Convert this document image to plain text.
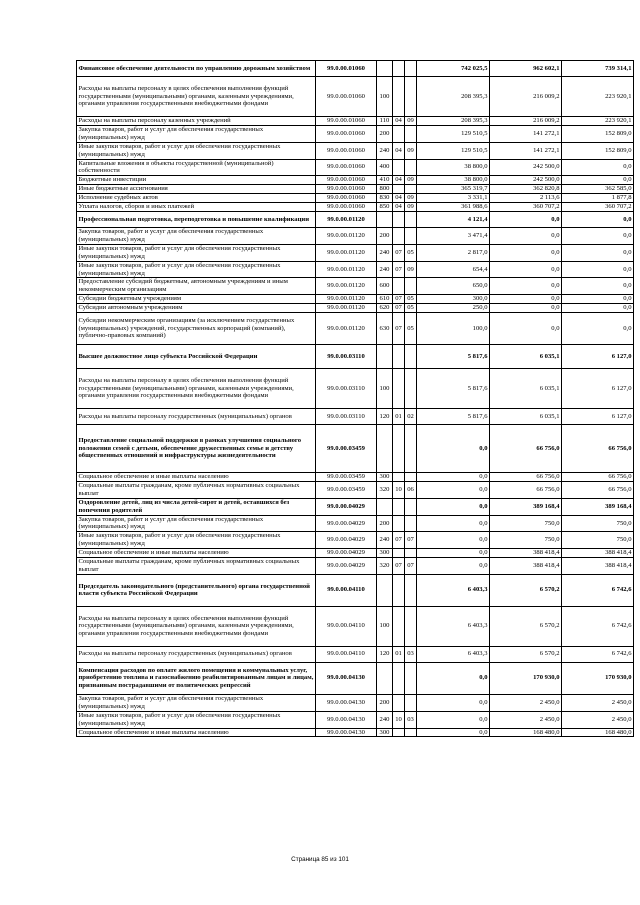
Финансовое обеспечение деятельности по управлению дорожным хозяйством	99.0.00.01060				742 025,5	962 602,1	739 314,1
Расходы на выплаты персоналу в целях обеспечения выполнения функций государственными (муниципальными) органами, казенными учреждениями, органами управления государственными внебюджетными фондами	99.0.00.01060	100			208 395,3	216 009,2	223 920,1
Расходы на выплаты персоналу казенных учреждений	99.0.00.01060	110	04	09	208 395,3	216 009,2	223 920,1
Закупка товаров, работ и услуг для обеспечения государственных (муниципальных) нужд	99.0.00.01060	200			129 510,5	141 272,1	152 809,0
Иные закупки товаров, работ и услуг для обеспечения государственных (муниципальных) нужд	99.0.00.01060	240	04	09	129 510,5	141 272,1	152 809,0
Капитальные вложения в объекты государственной (муниципальной) собственности	99.0.00.01060	400			38 800,0	242 500,0	0,0
Бюджетные инвестиции	99.0.00.01060	410	04	09	38 800,0	242 500,0	0,0
Иные бюджетные ассигнования	99.0.00.01060	800			365 319,7	362 820,8	362 585,0
Исполнение судебных актов	99.0.00.01060	830	04	09	3 331,1	2 113,6	1 877,8
Уплата налогов, сборов и иных платежей	99.0.00.01060	850	04	09	361 988,6	360 707,2	360 707,2
Профессиональная подготовка, переподготовка и повышение квалификации	99.0.00.01120				4 121,4	0,0	0,0
Закупка товаров, работ и услуг для обеспечения государственных (муниципальных) нужд	99.0.00.01120	200			3 471,4	0,0	0,0
Иные закупки товаров, работ и услуг для обеспечения государственных (муниципальных) нужд	99.0.00.01120	240	07	05	2 817,0	0,0	0,0
Иные закупки товаров, работ и услуг для обеспечения государственных (муниципальных) нужд	99.0.00.01120	240	07	09	654,4	0,0	0,0
Предоставление субсидий бюджетным, автономным учреждениям и иным некоммерческим организациям	99.0.00.01120	600			650,0	0,0	0,0
Субсидии бюджетным учреждениям	99.0.00.01120	610	07	05	300,0	0,0	0,0
Субсидии автономным учреждениям	99.0.00.01120	620	07	05	250,0	0,0	0,0
Субсидии некоммерческим организациям (за исключением государственных (муниципальных) учреждений, государственных корпораций (компаний), публично-правовых компаний)	99.0.00.01120	630	07	05	100,0	0,0	0,0
Высшее должностное лицо субъекта Российской Федерации	99.0.00.03110				5 817,6	6 035,1	6 127,0
Расходы на выплаты персоналу в целях обеспечения выполнения функций государственными (муниципальными) органами, казенными учреждениями, органами управления государственными внебюджетными фондами	99.0.00.03110	100			5 817,6	6 035,1	6 127,0
Расходы на выплаты персоналу государственных (муниципальных) органов	99.0.00.03110	120	01	02	5 817,6	6 035,1	6 127,0
Предоставление социальной поддержки в рамках улучшения социального положения семей с детьми, обеспечение дружественных семье и детству общественных отношений и инфраструктуры жизнедеятельности	99.0.00.03459				0,0	66 756,0	66 756,0
Социальное обеспечение и иные выплаты населению	99.0.00.03459	300			0,0	66 756,0	66 756,0
Социальные выплаты гражданам, кроме публичных нормативных социальных выплат	99.0.00.03459	320	10	06	0,0	66 756,0	66 756,0
Оздоровление детей, лиц из числа детей-сирот и детей, оставшихся без попечения родителей	99.0.00.04029				0,0	389 168,4	389 168,4
Закупка товаров, работ и услуг для обеспечения государственных (муниципальных) нужд	99.0.00.04029	200			0,0	750,0	750,0
Иные закупки товаров, работ и услуг для обеспечения государственных (муниципальных) нужд	99.0.00.04029	240	07	07	0,0	750,0	750,0
Социальное обеспечение и иные выплаты населению	99.0.00.04029	300			0,0	388 418,4	388 418,4
Социальные выплаты гражданам, кроме публичных нормативных социальных выплат	99.0.00.04029	320	07	07	0,0	388 418,4	388 418,4
Председатель законодательного (представительного) органа государственной власти субъекта Российской Федерации	99.0.00.04110				6 403,3	6 570,2	6 742,6
Расходы на выплаты персоналу в целях обеспечения выполнения функций государственными (муниципальными) органами, казенными учреждениями, органами управления государственными внебюджетными фондами	99.0.00.04110	100			6 403,3	6 570,2	6 742,6
Расходы на выплаты персоналу государственных (муниципальных) органов	99.0.00.04110	120	01	03	6 403,3	6 570,2	6 742,6
Компенсация расходов по оплате жилого помещения и коммунальных услуг, приобретению топлива и газоснабжению реабилитированным лицам и лицам, признанным пострадавшими от политических репрессий	99.0.00.04130				0,0	170 930,0	170 930,0
Закупка товаров, работ и услуг для обеспечения государственных (муниципальных) нужд	99.0.00.04130	200			0,0	2 450,0	2 450,0
Иные закупки товаров, работ и услуг для обеспечения государственных (муниципальных) нужд	99.0.00.04130	240	10	03	0,0	2 450,0	2 450,0
Социальное обеспечение и иные выплаты населению	99.0.00.04130	300			0,0	168 480,0	168 480,0
Страница 85 из 101
